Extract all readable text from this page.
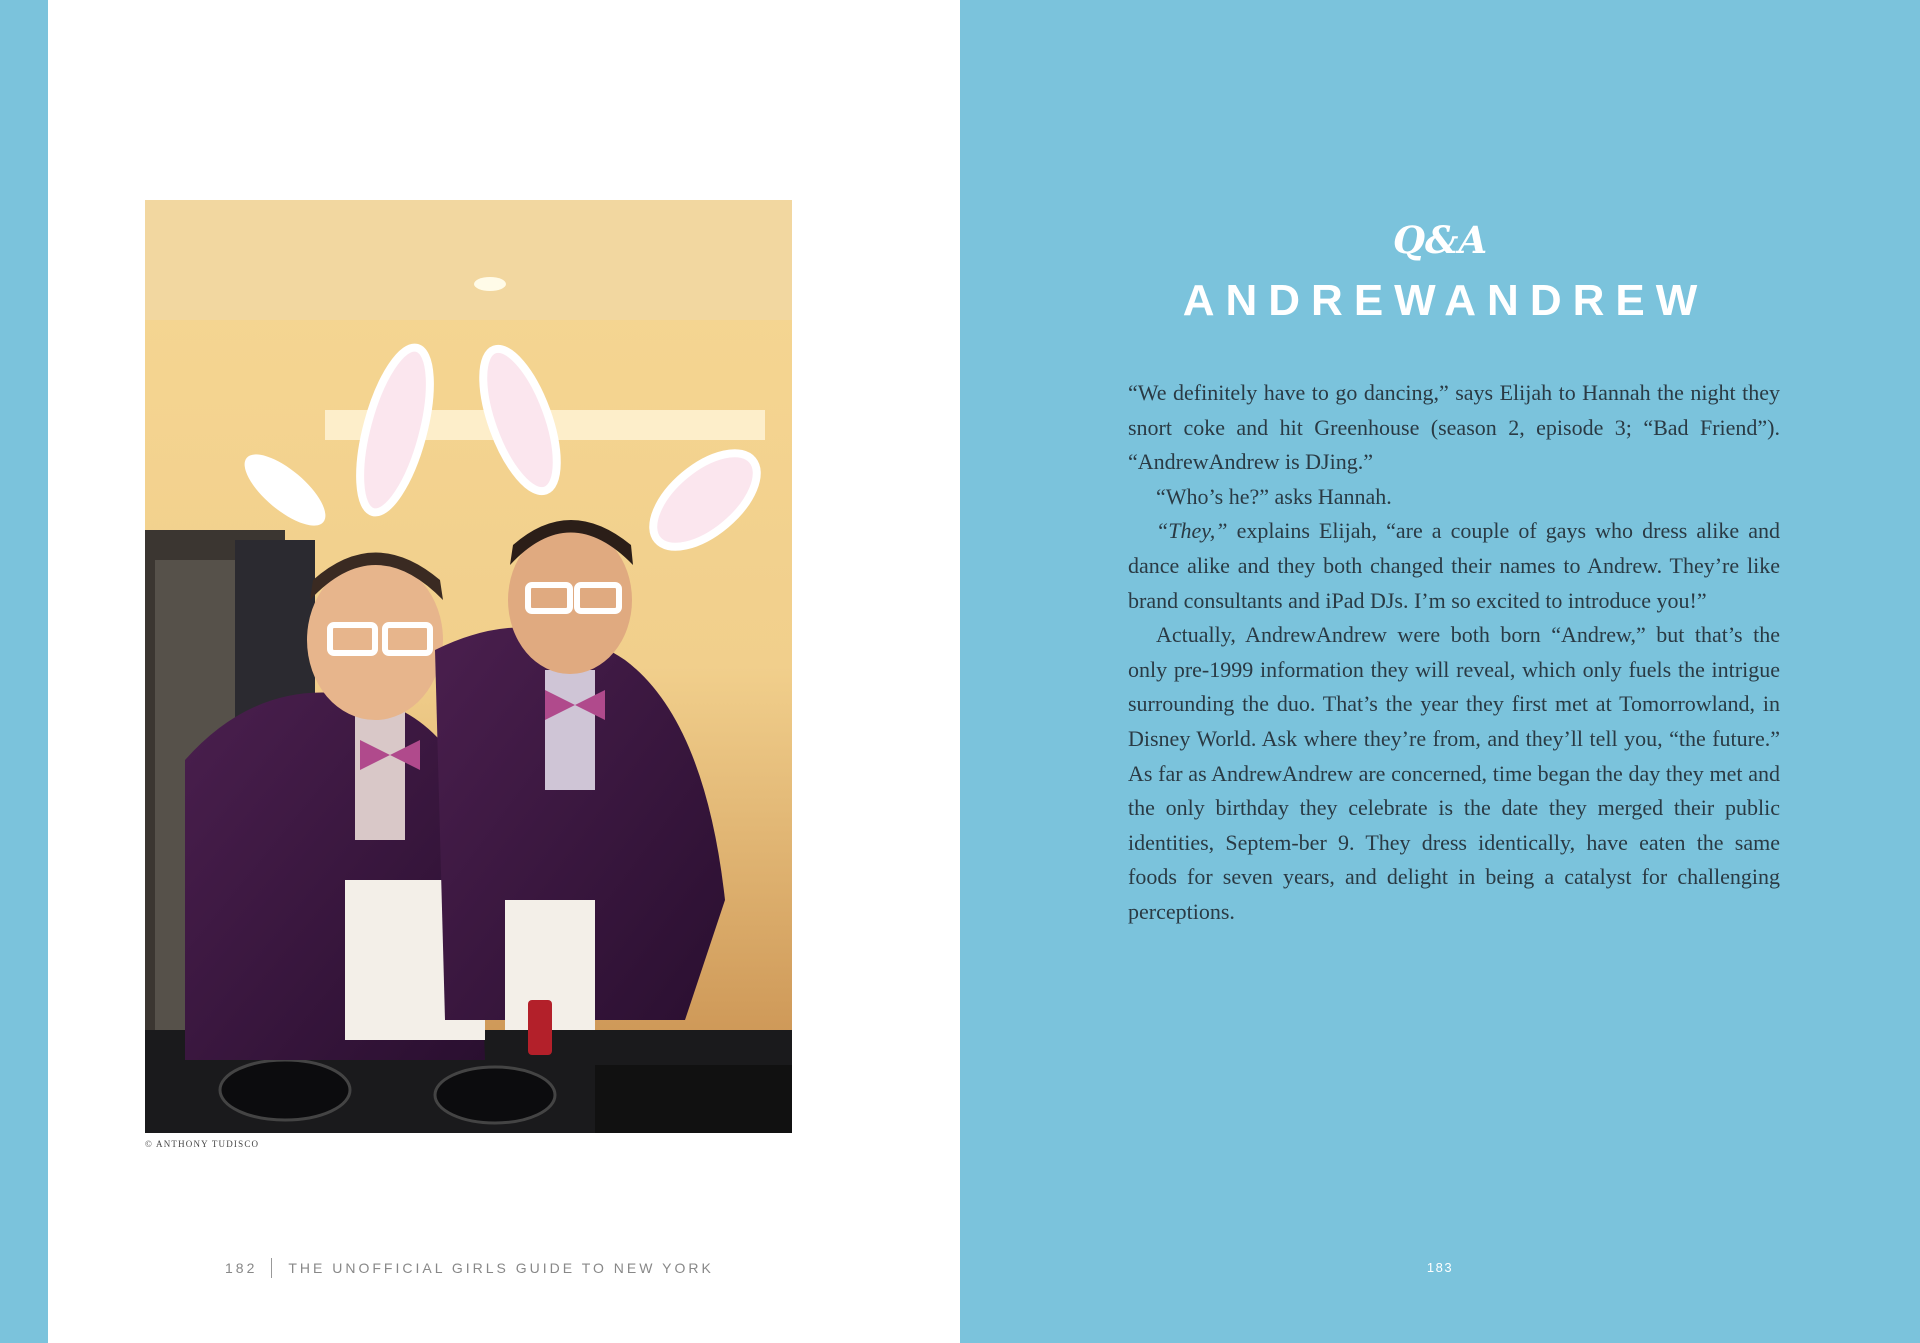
© ANTHONY TUDISCO
182 THE UNOFFICIAL GIRLS GUIDE TO NEW YORK
Q&A
ANDREWANDREW

“We definitely have to go dancing,” says Elijah to Hannah the night they snort coke and hit Greenhouse (season 2, episode 3; “Bad Friend”). “AndrewAndrew is DJing.”

“Who’s he?” asks Hannah.

“They,” explains Elijah, “are a couple of gays who dress alike and dance alike and they both changed their names to Andrew. They’re like brand consultants and iPad DJs. I’m so excited to introduce you!”

Actually, AndrewAndrew were both born “Andrew,” but that’s the only pre-1999 information they will reveal, which only fuels the intrigue surrounding the duo. That’s the year they first met at Tomorrowland, in Disney World. Ask where they’re from, and they’ll tell you, “the future.” As far as AndrewAndrew are concerned, time began the day they met and the only birthday they celebrate is the date they merged their public identities, Septem-ber 9. They dress identically, have eaten the same foods for seven years, and delight in being a catalyst for challenging perceptions.

183
